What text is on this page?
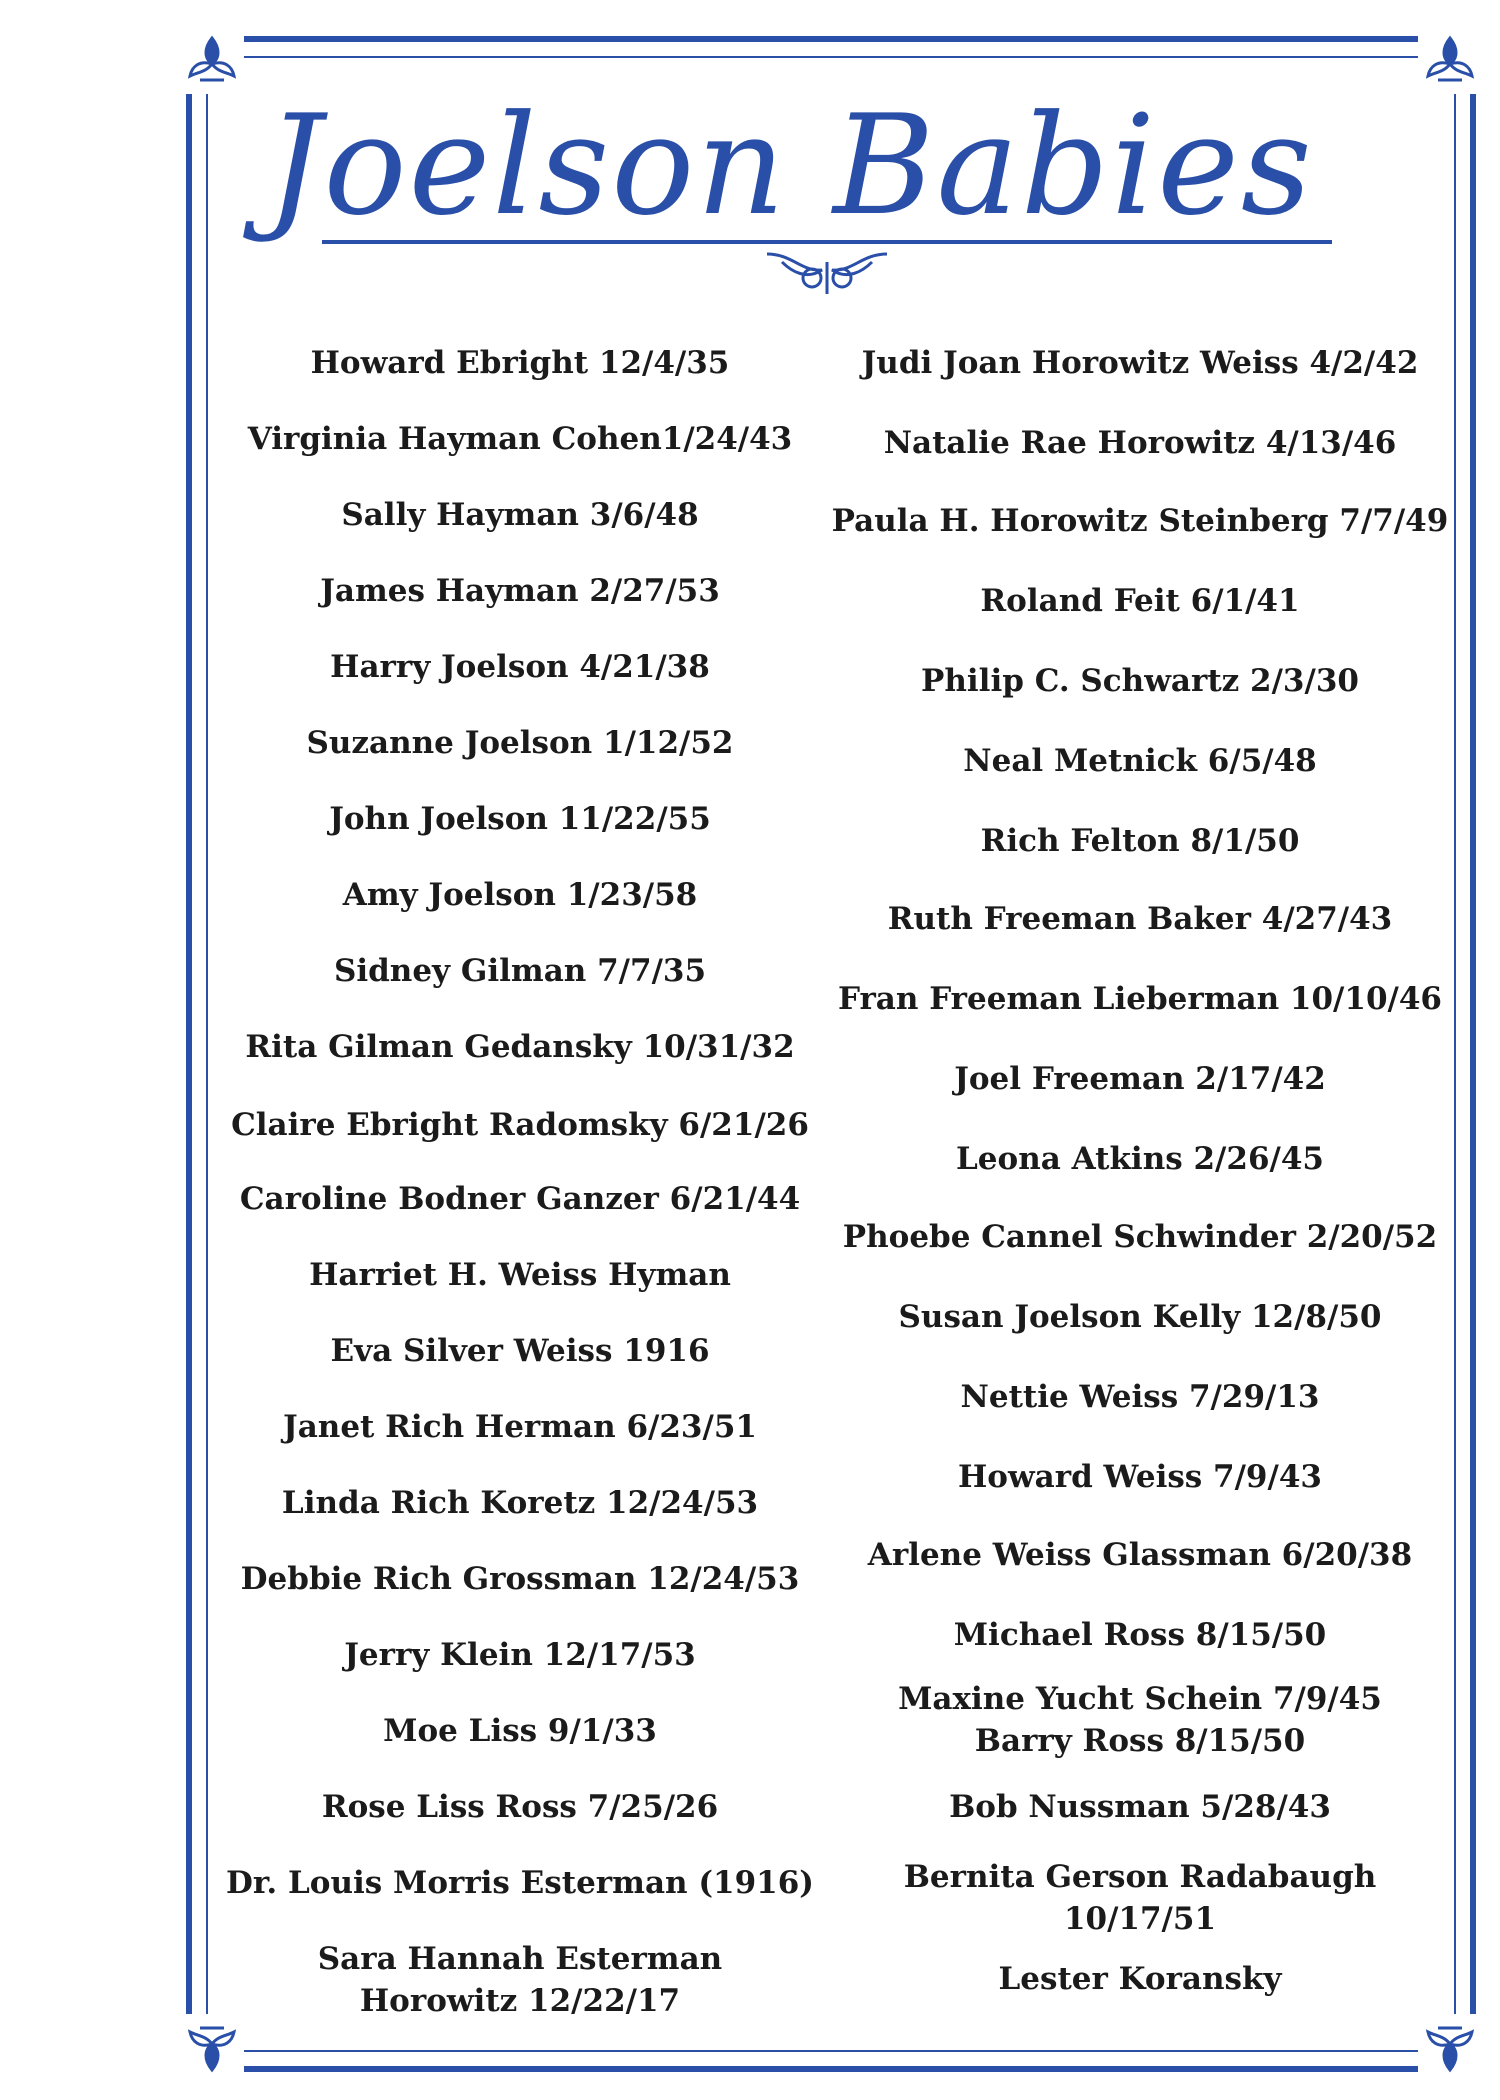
Joelson Babies
Howard Ebright 12/4/35
Virginia Hayman Cohen1/24/43
Sally Hayman 3/6/48
James Hayman 2/27/53
Harry Joelson 4/21/38
Suzanne Joelson 1/12/52
John Joelson 11/22/55
Amy Joelson 1/23/58
Sidney Gilman 7/7/35
Rita Gilman Gedansky 10/31/32
Claire Ebright Radomsky 6/21/26
Caroline Bodner Ganzer 6/21/44
Harriet H. Weiss Hyman
Eva Silver Weiss 1916
Janet Rich Herman 6/23/51
Linda Rich Koretz 12/24/53
Debbie Rich Grossman 12/24/53
Jerry Klein 12/17/53
Moe Liss 9/1/33
Rose Liss Ross 7/25/26
Dr. Louis Morris Esterman (1916)
Sara Hannah Esterman
Horowitz 12/22/17
Judi Joan Horowitz Weiss 4/2/42
Natalie Rae Horowitz 4/13/46
Paula H. Horowitz Steinberg 7/7/49
Roland Feit 6/1/41
Philip C. Schwartz 2/3/30
Neal Metnick 6/5/48
Rich Felton 8/1/50
Ruth Freeman Baker 4/27/43
Fran Freeman Lieberman 10/10/46
Joel Freeman 2/17/42
Leona Atkins 2/26/45
Phoebe Cannel Schwinder 2/20/52
Susan Joelson Kelly 12/8/50
Nettie Weiss 7/29/13
Howard Weiss 7/9/43
Arlene Weiss Glassman 6/20/38
Michael Ross 8/15/50
Maxine Yucht Schein 7/9/45
Barry Ross 8/15/50
Bob Nussman 5/28/43
Bernita Gerson Radabaugh
10/17/51
Lester Koransky
